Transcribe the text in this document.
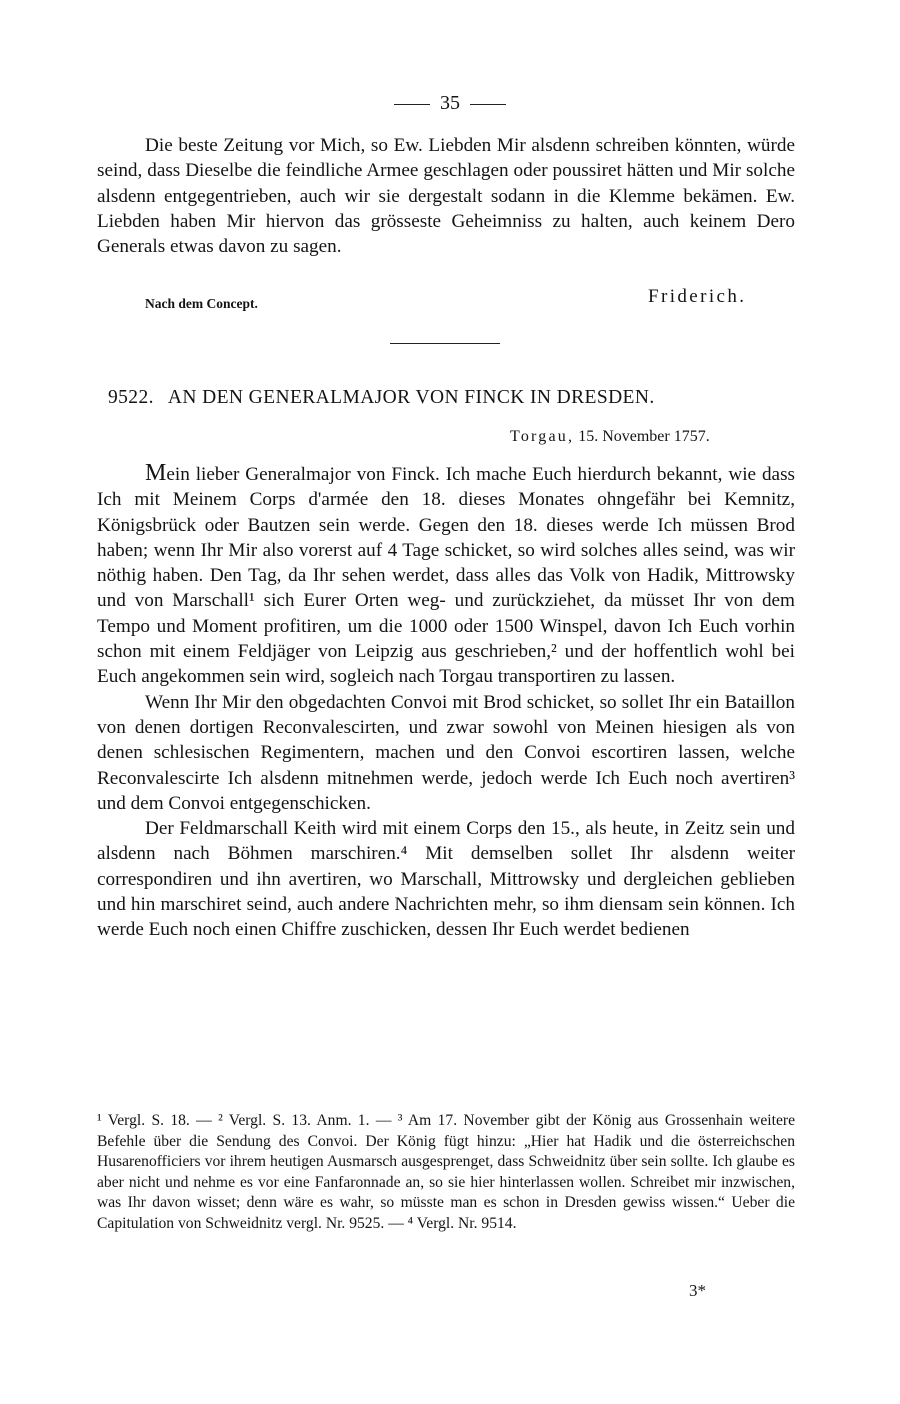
35

Die beste Zeitung vor Mich, so Ew. Liebden Mir alsdenn schreiben könnten, würde seind, dass Dieselbe die feindliche Armee geschlagen oder poussiret hätten und Mir solche alsdenn entgegentrieben, auch wir sie dergestalt sodann in die Klemme bekämen. Ew. Liebden haben Mir hiervon das grösseste Geheimniss zu halten, auch keinem Dero Generals etwas davon zu sagen.

Nach dem Concept.	Friderich.
9522. AN DEN GENERALMAJOR VON FINCK IN DRESDEN.
Torgau, 15. November 1757.

Mein lieber Generalmajor von Finck. Ich mache Euch hierdurch bekannt, wie dass Ich mit Meinem Corps d'armée den 18. dieses Monates ohngefähr bei Kemnitz, Königsbrück oder Bautzen sein werde. Gegen den 18. dieses werde Ich müssen Brod haben; wenn Ihr Mir also vorerst auf 4 Tage schicket, so wird solches alles seind, was wir nöthig haben. Den Tag, da Ihr sehen werdet, dass alles das Volk von Hadik, Mittrowsky und von Marschall¹ sich Eurer Orten weg- und zurückziehet, da müsset Ihr von dem Tempo und Moment profitiren, um die 1000 oder 1500 Winspel, davon Ich Euch vorhin schon mit einem Feldjäger von Leipzig aus geschrieben,² und der hoffentlich wohl bei Euch angekommen sein wird, sogleich nach Torgau transportiren zu lassen.

Wenn Ihr Mir den obgedachten Convoi mit Brod schicket, so sollet Ihr ein Bataillon von denen dortigen Reconvalescirten, und zwar sowohl von Meinen hiesigen als von denen schlesischen Regimentern, machen und den Convoi escortiren lassen, welche Reconvalescirte Ich alsdenn mitnehmen werde, jedoch werde Ich Euch noch avertiren³ und dem Convoi entgegenschicken.

Der Feldmarschall Keith wird mit einem Corps den 15., als heute, in Zeitz sein und alsdenn nach Böhmen marschiren.⁴ Mit demselben sollet Ihr alsdenn weiter correspondiren und ihn avertiren, wo Marschall, Mittrowsky und dergleichen geblieben und hin marschiret seind, auch andere Nachrichten mehr, so ihm diensam sein können. Ich werde Euch noch einen Chiffre zuschicken, dessen Ihr Euch werdet bedienen

¹ Vergl. S. 18. — ² Vergl. S. 13. Anm. 1. — ³ Am 17. November gibt der König aus Grossenhain weitere Befehle über die Sendung des Convoi. Der König fügt hinzu: „Hier hat Hadik und die österreichschen Husarenofficiers vor ihrem heutigen Ausmarsch ausgesprenget, dass Schweidnitz über sein sollte. Ich glaube es aber nicht und nehme es vor eine Fanfaronnade an, so sie hier hinterlassen wollen. Schreibet mir inzwischen, was Ihr davon wisset; denn wäre es wahr, so müsste man es schon in Dresden gewiss wissen.“ Ueber die Capitulation von Schweidnitz vergl. Nr. 9525. — ⁴ Vergl. Nr. 9514.
3*
